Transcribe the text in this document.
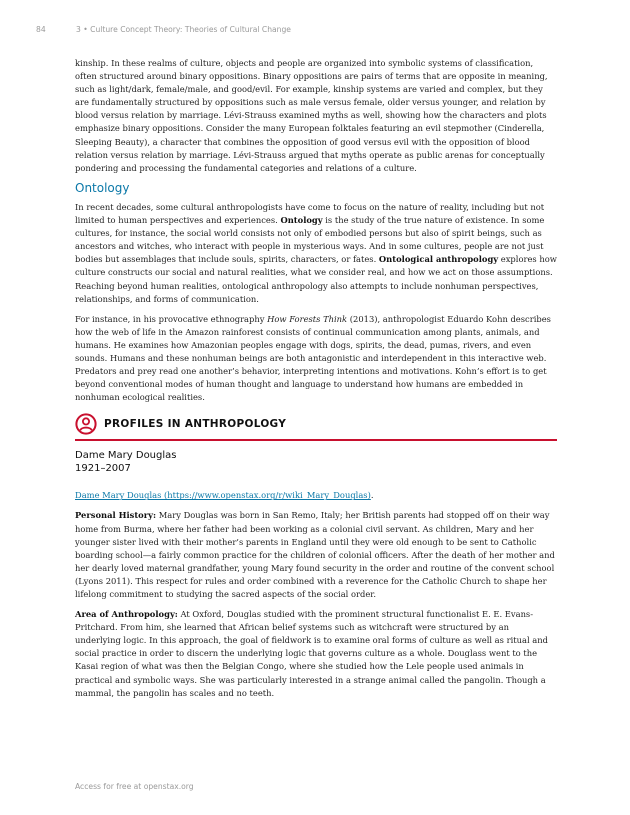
84	3 • Culture Concept Theory: Theories of Cultural Change

kinship. In these realms of culture, objects and people are organized into symbolic systems of classification, often structured around binary oppositions. Binary oppositions are pairs of terms that are opposite in meaning, such as light/dark, female/male, and good/evil. For example, kinship systems are varied and complex, but they are fundamentally structured by oppositions such as male versus female, older versus younger, and relation by blood versus relation by marriage. Lévi-Strauss examined myths as well, showing how the characters and plots emphasize binary oppositions. Consider the many European folktales featuring an evil stepmother (Cinderella, Sleeping Beauty), a character that combines the opposition of good versus evil with the opposition of blood relation versus relation by marriage. Lévi-Strauss argued that myths operate as public arenas for conceptually pondering and processing the fundamental categories and relations of a culture.

Ontology

In recent decades, some cultural anthropologists have come to focus on the nature of reality, including but not limited to human perspectives and experiences. Ontology is the study of the true nature of existence. In some cultures, for instance, the social world consists not only of embodied persons but also of spirit beings, such as ancestors and witches, who interact with people in mysterious ways. And in some cultures, people are not just bodies but assemblages that include souls, spirits, characters, or fates. Ontological anthropology explores how culture constructs our social and natural realities, what we consider real, and how we act on those assumptions. Reaching beyond human realities, ontological anthropology also attempts to include nonhuman perspectives, relationships, and forms of communication.

For instance, in his provocative ethnography How Forests Think (2013), anthropologist Eduardo Kohn describes how the web of life in the Amazon rainforest consists of continual communication among plants, animals, and humans. He examines how Amazonian peoples engage with dogs, spirits, the dead, pumas, rivers, and even sounds. Humans and these nonhuman beings are both antagonistic and interdependent in this interactive web. Predators and prey read one another’s behavior, interpreting intentions and motivations. Kohn’s effort is to get beyond conventional modes of human thought and language to understand how humans are embedded in nonhuman ecological realities.

PROFILES IN ANTHROPOLOGY
Dame Mary Douglas
1921–2007

Dame Mary Douglas (https://www.openstax.org/r/wiki_Mary_Douglas).

Personal History: Mary Douglas was born in San Remo, Italy; her British parents had stopped off on their way home from Burma, where her father had been working as a colonial civil servant. As children, Mary and her younger sister lived with their mother’s parents in England until they were old enough to be sent to Catholic boarding school—a fairly common practice for the children of colonial officers. After the death of her mother and her dearly loved maternal grandfather, young Mary found security in the order and routine of the convent school (Lyons 2011). This respect for rules and order combined with a reverence for the Catholic Church to shape her lifelong commitment to studying the sacred aspects of the social order.

Area of Anthropology: At Oxford, Douglas studied with the prominent structural functionalist E. E. Evans-Pritchard. From him, she learned that African belief systems such as witchcraft were structured by an underlying logic. In this approach, the goal of fieldwork is to examine oral forms of culture as well as ritual and social practice in order to discern the underlying logic that governs culture as a whole. Douglass went to the Kasai region of what was then the Belgian Congo, where she studied how the Lele people used animals in practical and symbolic ways. She was particularly interested in a strange animal called the pangolin. Though a mammal, the pangolin has scales and no teeth.

Access for free at openstax.org
